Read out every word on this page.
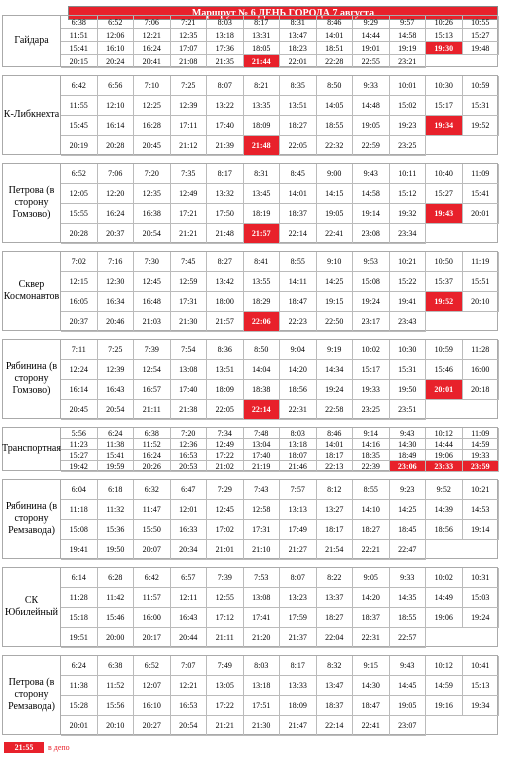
Маршрут № 6 ДЕНЬ ГОРОДА 7 августа
21:55	в депо
Гайдара
6:38	6:52	7:06	7:21	8:03	8:17	8:31	8:46	9:29	9:57	10:26	10:55
11:51	12:06	12:21	12:35	13:18	13:31	13:47	14:01	14:44	14:58	15:13	15:27
15:41	16:10	16:24	17:07	17:36	18:05	18:23	18:51	19:01	19:19	19:30	19:48
20:15	20:24	20:41	21:08	21:35	21:44	22:01	22:28	22:55	23:21
К-Либкнехта
6:42	6:56	7:10	7:25	8:07	8:21	8:35	8:50	9:33	10:01	10:30	10:59
11:55	12:10	12:25	12:39	13:22	13:35	13:51	14:05	14:48	15:02	15:17	15:31
15:45	16:14	16:28	17:11	17:40	18:09	18:27	18:55	19:05	19:23	19:34	19:52
20:19	20:28	20:45	21:12	21:39	21:48	22:05	22:32	22:59	23:25
Петрова (в сторону Гомзово)
6:52	7:06	7:20	7:35	8:17	8:31	8:45	9:00	9:43	10:11	10:40	11:09
12:05	12:20	12:35	12:49	13:32	13:45	14:01	14:15	14:58	15:12	15:27	15:41
15:55	16:24	16:38	17:21	17:50	18:19	18:37	19:05	19:14	19:32	19:43	20:01
20:28	20:37	20:54	21:21	21:48	21:57	22:14	22:41	23:08	23:34
Сквер Космонавтов
7:02	7:16	7:30	7:45	8:27	8:41	8:55	9:10	9:53	10:21	10:50	11:19
12:15	12:30	12:45	12:59	13:42	13:55	14:11	14:25	15:08	15:22	15:37	15:51
16:05	16:34	16:48	17:31	18:00	18:29	18:47	19:15	19:24	19:41	19:52	20:10
20:37	20:46	21:03	21:30	21:57	22:06	22:23	22:50	23:17	23:43
Рябинина (в сторону Гомзово)
7:11	7:25	7:39	7:54	8:36	8:50	9:04	9:19	10:02	10:30	10:59	11:28
12:24	12:39	12:54	13:08	13:51	14:04	14:20	14:34	15:17	15:31	15:46	16:00
16:14	16:43	16:57	17:40	18:09	18:38	18:56	19:24	19:33	19:50	20:01	20:18
20:45	20:54	21:11	21:38	22:05	22:14	22:31	22:58	23:25	23:51
Транспортная
5:56	6:24	6:38	7:20	7:34	7:48	8:03	8:46	9:14	9:43	10:12	11:09
11:23	11:38	11:52	12:36	12:49	13:04	13:18	14:01	14:16	14:30	14:44	14:59
15:27	15:41	16:24	16:53	17:22	17:40	18:07	18:17	18:35	18:49	19:06	19:33
19:42	19:59	20:26	20:53	21:02	21:19	21:46	22:13	22:39	23:06	23:33	23:59
Рябинина (в сторону Ремзавода)
6:04	6:18	6:32	6:47	7:29	7:43	7:57	8:12	8:55	9:23	9:52	10:21
11:18	11:32	11:47	12:01	12:45	12:58	13:13	13:27	14:10	14:25	14:39	14:53
15:08	15:36	15:50	16:33	17:02	17:31	17:49	18:17	18:27	18:45	18:56	19:14
19:41	19:50	20:07	20:34	21:01	21:10	21:27	21:54	22:21	22:47
СК Юбилейный
6:14	6:28	6:42	6:57	7:39	7:53	8:07	8:22	9:05	9:33	10:02	10:31
11:28	11:42	11:57	12:11	12:55	13:08	13:23	13:37	14:20	14:35	14:49	15:03
15:18	15:46	16:00	16:43	17:12	17:41	17:59	18:27	18:37	18:55	19:06	19:24
19:51	20:00	20:17	20:44	21:11	21:20	21:37	22:04	22:31	22:57
Петрова (в сторону Ремзавода)
6:24	6:38	6:52	7:07	7:49	8:03	8:17	8:32	9:15	9:43	10:12	10:41
11:38	11:52	12:07	12:21	13:05	13:18	13:33	13:47	14:30	14:45	14:59	15:13
15:28	15:56	16:10	16:53	17:22	17:51	18:09	18:37	18:47	19:05	19:16	19:34
20:01	20:10	20:27	20:54	21:21	21:30	21:47	22:14	22:41	23:07
